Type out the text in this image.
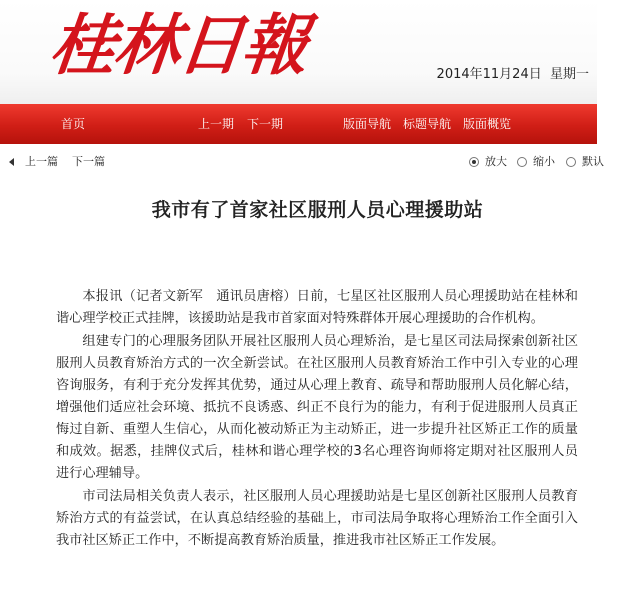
桂林日報	2014年11月24日 星期一
首页	上一期 下一期	版面导航 标题导航 版面概览
上一篇 下一篇	放大 缩小 默认
我市有了首家社区服刑人员心理援助站

本报讯（记者文新军　通讯员唐榕）日前，七星区社区服刑人员心理援助站在桂林和谐心理学校正式挂牌，该援助站是我市首家面对特殊群体开展心理援助的合作机构。

组建专门的心理服务团队开展社区服刑人员心理矫治，是七星区司法局探索创新社区服刑人员教育矫治方式的一次全新尝试。在社区服刑人员教育矫治工作中引入专业的心理咨询服务，有利于充分发挥其优势，通过从心理上教育、疏导和帮助服刑人员化解心结，增强他们适应社会环境、抵抗不良诱惑、纠正不良行为的能力，有利于促进服刑人员真正悔过自新、重塑人生信心，从而化被动矫正为主动矫正，进一步提升社区矫正工作的质量和成效。据悉，挂牌仪式后，桂林和谐心理学校的3名心理咨询师将定期对社区服刑人员进行心理辅导。

市司法局相关负责人表示，社区服刑人员心理援助站是七星区创新社区服刑人员教育矫治方式的有益尝试，在认真总结经验的基础上，市司法局争取将心理矫治工作全面引入我市社区矫正工作中，不断提高教育矫治质量，推进我市社区矫正工作发展。
